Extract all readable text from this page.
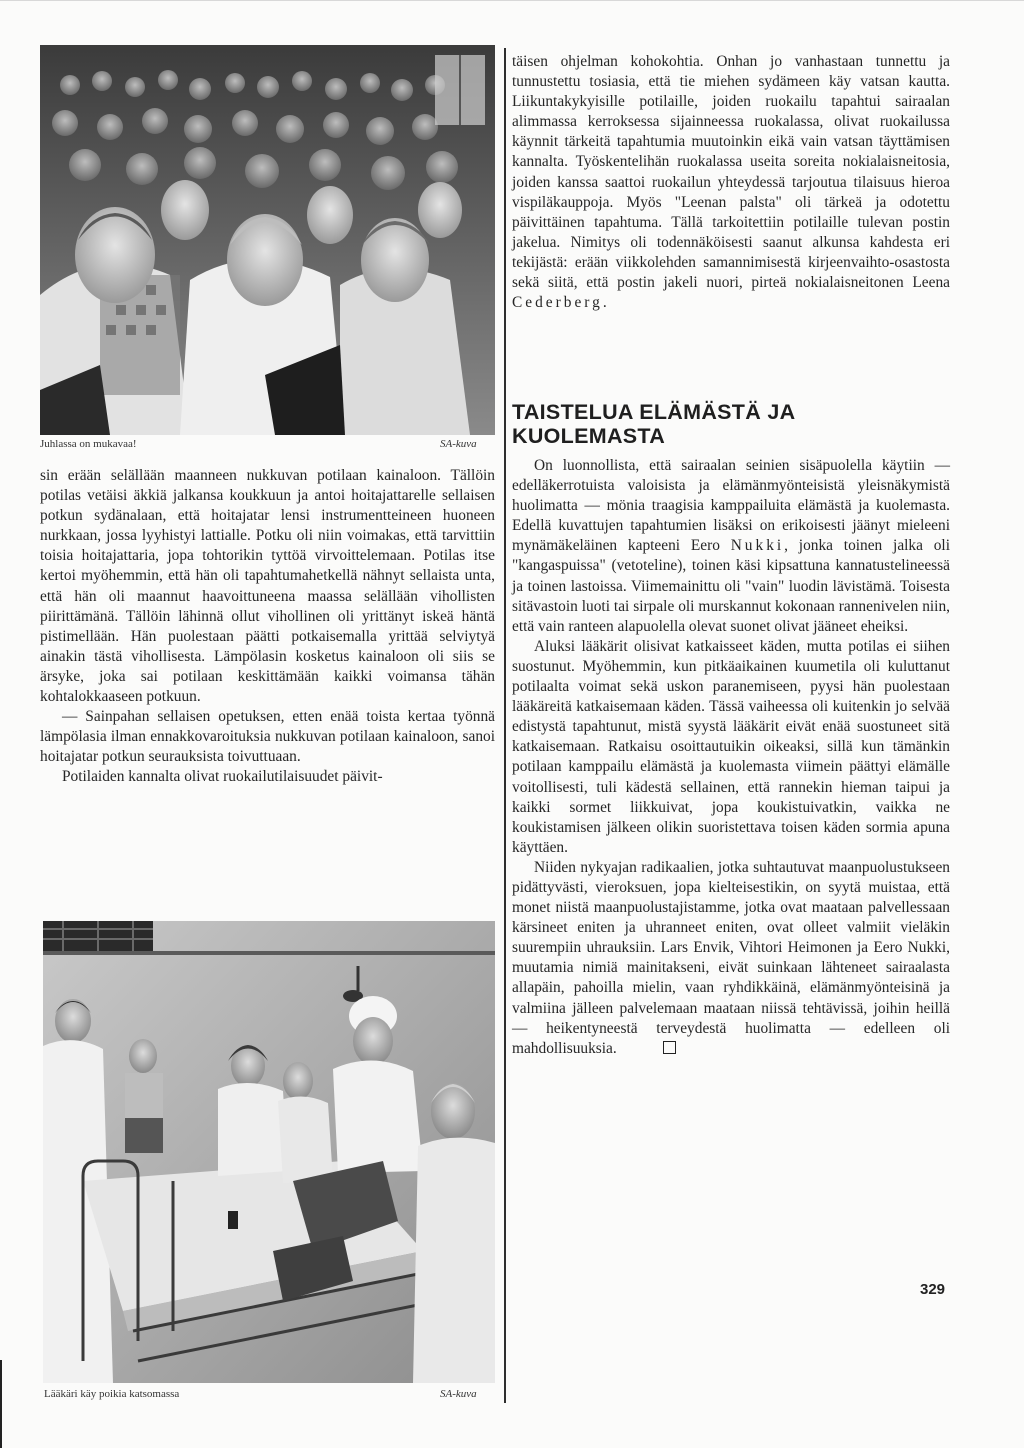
Juhlassa on mukavaa!	SA-kuva

sin erään selällään maanneen nukkuvan potilaan kainaloon. Tällöin potilas vetäisi äkkiä jalkansa koukkuun ja antoi hoitajattarelle sellaisen potkun sydänalaan, että hoitajatar lensi instrumentteineen huoneen nurkkaan, jossa lyyhistyi lattialle. Potku oli niin voimakas, että tarvittiin toisia hoitajattaria, jopa tohtorikin tyttöä virvoittelemaan. Potilas itse kertoi myöhemmin, että hän oli tapahtumahetkellä nähnyt sellaista unta, että hän oli maannut haavoittuneena maassa selällään vihollisten piirittämänä. Tällöin lähinnä ollut vihollinen oli yrittänyt iskeä häntä pistimellään. Hän puolestaan päätti potkaisemalla yrittää selviytyä ainakin tästä vihollisesta. Lämpölasin kosketus kainaloon oli siis se ärsyke, joka sai potilaan keskittämään kaikki voimansa tähän kohtalokkaaseen potkuun.

— Sainpahan sellaisen opetuksen, etten enää toista kertaa työnnä lämpölasia ilman ennakkovaroituksia nukkuvan potilaan kainaloon, sanoi hoitajatar potkun seurauksista toivuttuaan.

Potilaiden kannalta olivat ruokailutilaisuudet päivit-

Lääkäri käy poikia katsomassa	SA-kuva

täisen ohjelman kohokohtia. Onhan jo vanhastaan tunnettu ja tunnustettu tosiasia, että tie miehen sydämeen käy vatsan kautta. Liikuntakykyisille potilaille, joiden ruokailu tapahtui sairaalan alimmassa kerroksessa sijainneessa ruokalassa, olivat ruokailussa käynnit tärkeitä tapahtumia muutoinkin eikä vain vatsan täyttämisen kannalta. Työskentelihän ruokalassa useita soreita nokialaisneitosia, joiden kanssa saattoi ruokailun yhteydessä tarjoutua tilaisuus hieroa vispiläkauppoja. Myös "Leenan palsta" oli tärkeä ja odotettu päivittäinen tapahtuma. Tällä tarkoitettiin potilaille tulevan postin jakelua. Nimitys oli todennäköisesti saanut alkunsa kahdesta eri tekijästä: erään viikkolehden samannimisestä kirjeenvaihto-osastosta sekä siitä, että postin jakeli nuori, pirteä nokialaisneitonen Leena Cederberg.

TAISTELUA ELÄMÄSTÄ JA
KUOLEMASTA

On luonnollista, että sairaalan seinien sisäpuolella käytiin — edelläkerrotuista valoisista ja elämänmyönteisistä yleisnäkymistä huolimatta — mönia traagisia kamppailuita elämästä ja kuolemasta. Edellä kuvattujen tapahtumien lisäksi on erikoisesti jäänyt mieleeni mynämäkeläinen kapteeni Eero Nukki, jonka toinen jalka oli "kangaspuissa" (vetoteline), toinen käsi kipsattuna kannatustelineessä ja toinen lastoissa. Viimemainittu oli "vain" luodin lävistämä. Toisesta sitävastoin luoti tai sirpale oli murskannut kokonaan rannenivelen niin, että vain ranteen alapuolella olevat suonet olivat jääneet eheiksi.

Aluksi lääkärit olisivat katkaisseet käden, mutta potilas ei siihen suostunut. Myöhemmin, kun pitkäaikainen kuumetila oli kuluttanut potilaalta voimat sekä uskon paranemiseen, pyysi hän puolestaan lääkäreitä katkaisemaan käden. Tässä vaiheessa oli kuitenkin jo selvää edistystä tapahtunut, mistä syystä lääkärit eivät enää suostuneet sitä katkaisemaan. Ratkaisu osoittautuikin oikeaksi, sillä kun tämänkin potilaan kamppailu elämästä ja kuolemasta viimein päättyi elämälle voitollisesti, tuli kädestä sellainen, että rannekin hieman taipui ja kaikki sormet liikkuivat, jopa koukistuivatkin, vaikka ne koukistamisen jälkeen olikin suoristettava toisen käden sormia apuna käyttäen.

Niiden nykyajan radikaalien, jotka suhtautuvat maanpuolustukseen pidättyvästi, vieroksuen, jopa kielteisestikin, on syytä muistaa, että monet niistä maanpuolustajistamme, jotka ovat maataan palvellessaan kärsineet eniten ja uhranneet eniten, ovat olleet valmiit vieläkin suurempiin uhrauksiin. Lars Envik, Vihtori Heimonen ja Eero Nukki, muutamia nimiä mainitakseni, eivät suinkaan lähteneet sairaalasta allapäin, pahoilla mielin, vaan ryhdikkäinä, elämänmyönteisinä ja valmiina jälleen palvelemaan maataan niissä tehtävissä, joihin heillä — heikentyneestä terveydestä huolimatta — edelleen oli mahdollisuuksia.

329
